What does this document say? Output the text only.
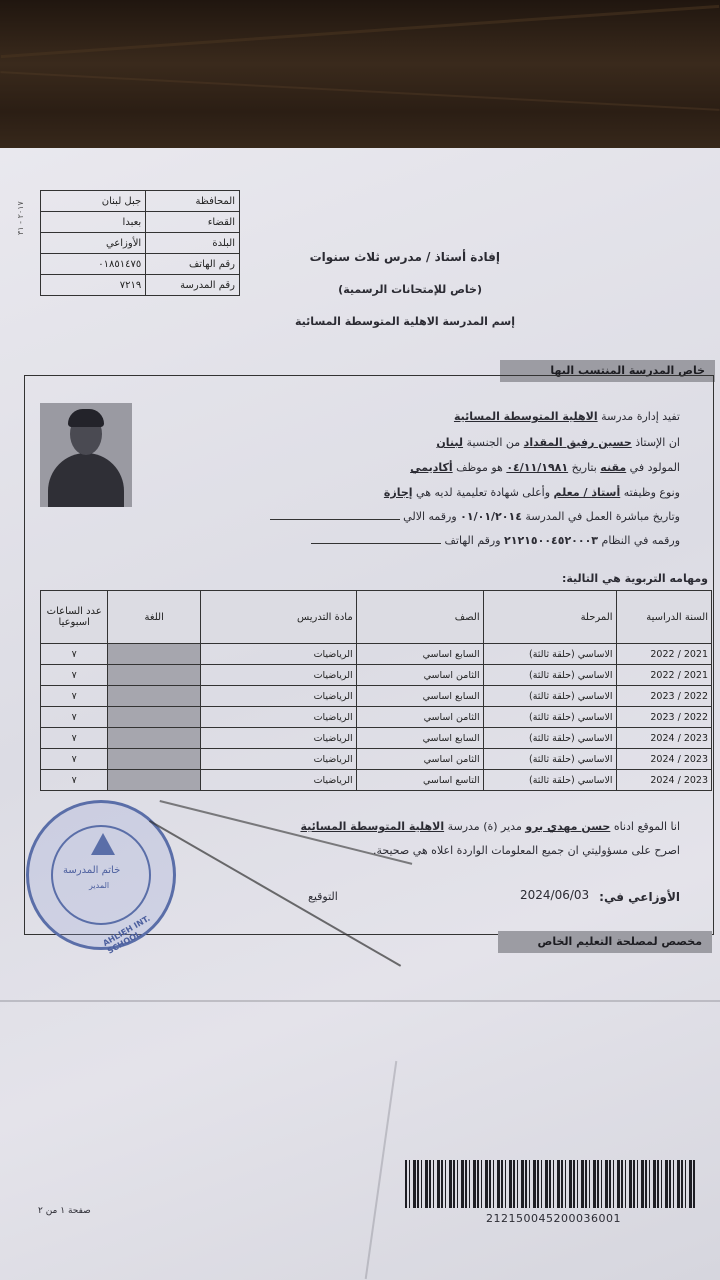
٢٠١٧ - ٣١
جبل لبنان	المحافظة
بعبدا	القضاء
الأوزاعي	البلدة
٠١٨٥١٤٧٥	رقم الهاتف
٧٢١٩	رقم المدرسة
إفادة أستاذ / مدرس ثلاث سنوات
(خاص للإمتحانات الرسمية)
إسم المدرسة الاهلية المتوسطة المسائية
خاص المدرسة المنتسب اليها
تفيد إدارة مدرسة الاهلية المتوسطة المسائية
ان الإستاذ حسين رفيق المقداد من الجنسية لبنان
المولود في مقنه بتاريخ ٠٤/١١/١٩٨١ هو موظف أكاديمي
ونوع وظيفته أستاذ / معلم وأعلى شهادة تعليمية لديه هي إجازة
وتاريخ مباشرة العمل في المدرسة ٠١/٠١/٢٠١٤ ورقمه الالي
ورقمه في النظام ٢١٢١٥٠٠٤٥٢٠٠٠٣ ورقم الهاتف
ومهامه التربوية هي التالية:
السنة الدراسية	المرحلة	الصف	مادة التدريس	اللغة	عدد الساعات اسبوعيا
2021 / 2022	الاساسي (حلقة ثالثة)	السابع اساسي	الرياضيات		٧
2021 / 2022	الاساسي (حلقة ثالثة)	الثامن اساسي	الرياضيات		٧
2022 / 2023	الاساسي (حلقة ثالثة)	السابع اساسي	الرياضيات		٧
2022 / 2023	الاساسي (حلقة ثالثة)	الثامن اساسي	الرياضيات		٧
2023 / 2024	الاساسي (حلقة ثالثة)	السابع اساسي	الرياضيات		٧
2023 / 2024	الاساسي (حلقة ثالثة)	الثامن اساسي	الرياضيات		٧
2023 / 2024	الاساسي (حلقة ثالثة)	التاسع اساسي	الرياضيات		٧
انا الموقع ادناه حسن مهدي برو مدير (ة) مدرسة الاهلية المتوسطة المسائية
اصرح على مسؤوليتي ان جميع المعلومات الواردة اعلاه هي صحيحة.
الأوزاعي في:
2024/06/03
التوقيع
خاتم المدرسة
المدير
AHLIEH INT. SCHOOL	مخصص لمصلحة التعليم الخاص
212150045200036001
صفحة ١ من ٢
